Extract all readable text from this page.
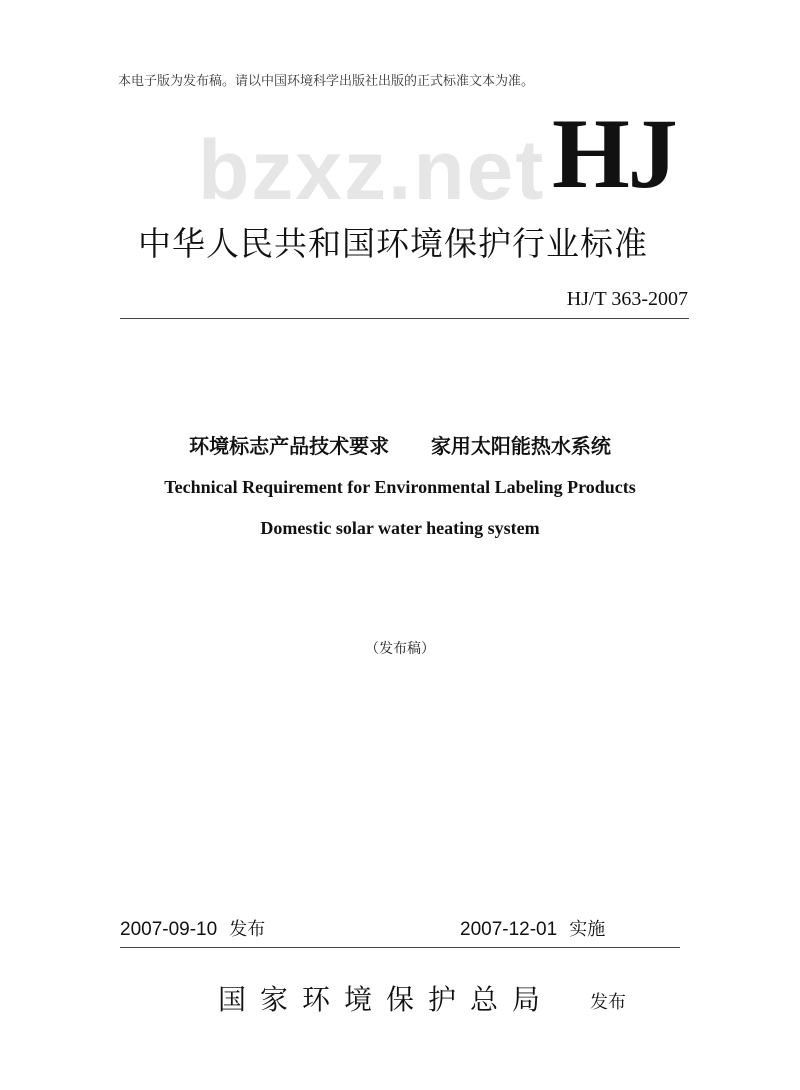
本电子版为发布稿。请以中国环境科学出版社出版的正式标准文本为准。
bzxz.net HJ
中华人民共和国环境保护行业标准
HJ/T 363-2007
环境标志产品技术要求      家用太阳能热水系统
Technical Requirement for Environmental Labeling Products
Domestic solar water heating system
（发布稿）
2007-09-10 发布	2007-12-01 实施
国家环境保护总局 发布
